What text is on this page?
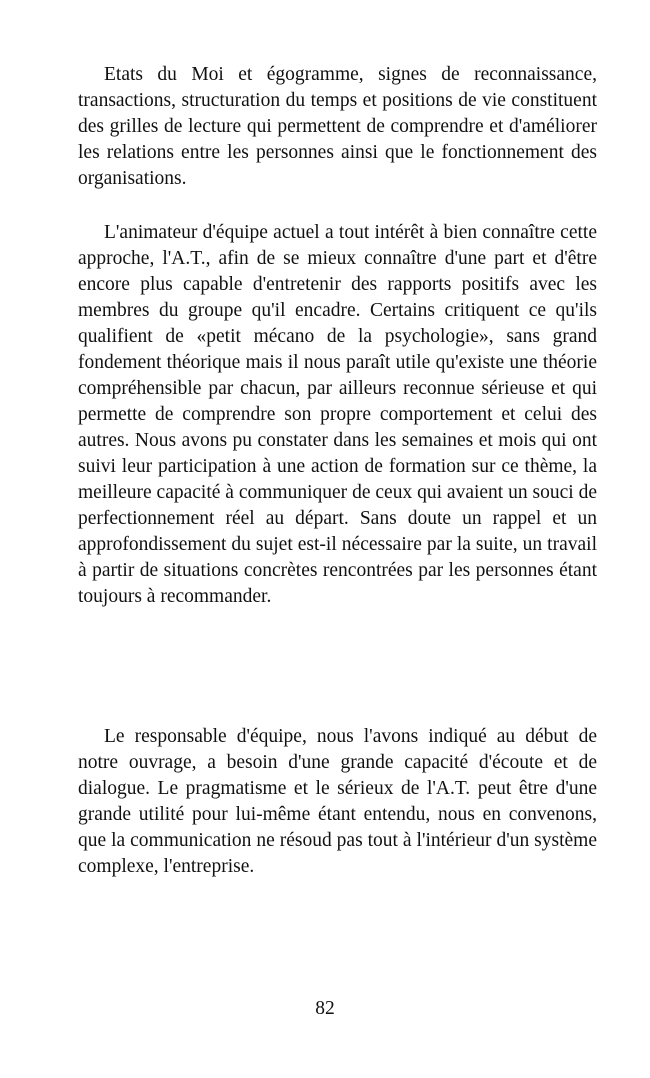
Etats du Moi et égogramme, signes de reconnaissance, transactions, structuration du temps et positions de vie constituent des grilles de lecture qui permettent de comprendre et d'améliorer les relations entre les personnes ainsi que le fonctionnement des organisations.

L'animateur d'équipe actuel a tout intérêt à bien connaître cette approche, l'A.T., afin de se mieux connaître d'une part et d'être encore plus capable d'entretenir des rapports positifs avec les membres du groupe qu'il encadre. Certains critiquent ce qu'ils qualifient de «petit mécano de la psychologie», sans grand fondement théorique mais il nous paraît utile qu'existe une théorie compréhensible par chacun, par ailleurs reconnue sérieuse et qui permette de comprendre son propre comportement et celui des autres. Nous avons pu constater dans les semaines et mois qui ont suivi leur participation à une action de formation sur ce thème, la meilleure capacité à communiquer de ceux qui avaient un souci de perfectionnement réel au départ. Sans doute un rappel et un approfondissement du sujet est-il nécessaire par la suite, un travail à partir de situations concrètes rencontrées par les personnes étant toujours à recommander.

Le responsable d'équipe, nous l'avons indiqué au début de notre ouvrage, a besoin d'une grande capacité d'écoute et de dialogue. Le pragmatisme et le sérieux de l'A.T. peut être d'une grande utilité pour lui-même étant entendu, nous en convenons, que la communication ne résoud pas tout à l'intérieur d'un système complexe, l'entreprise.

82
